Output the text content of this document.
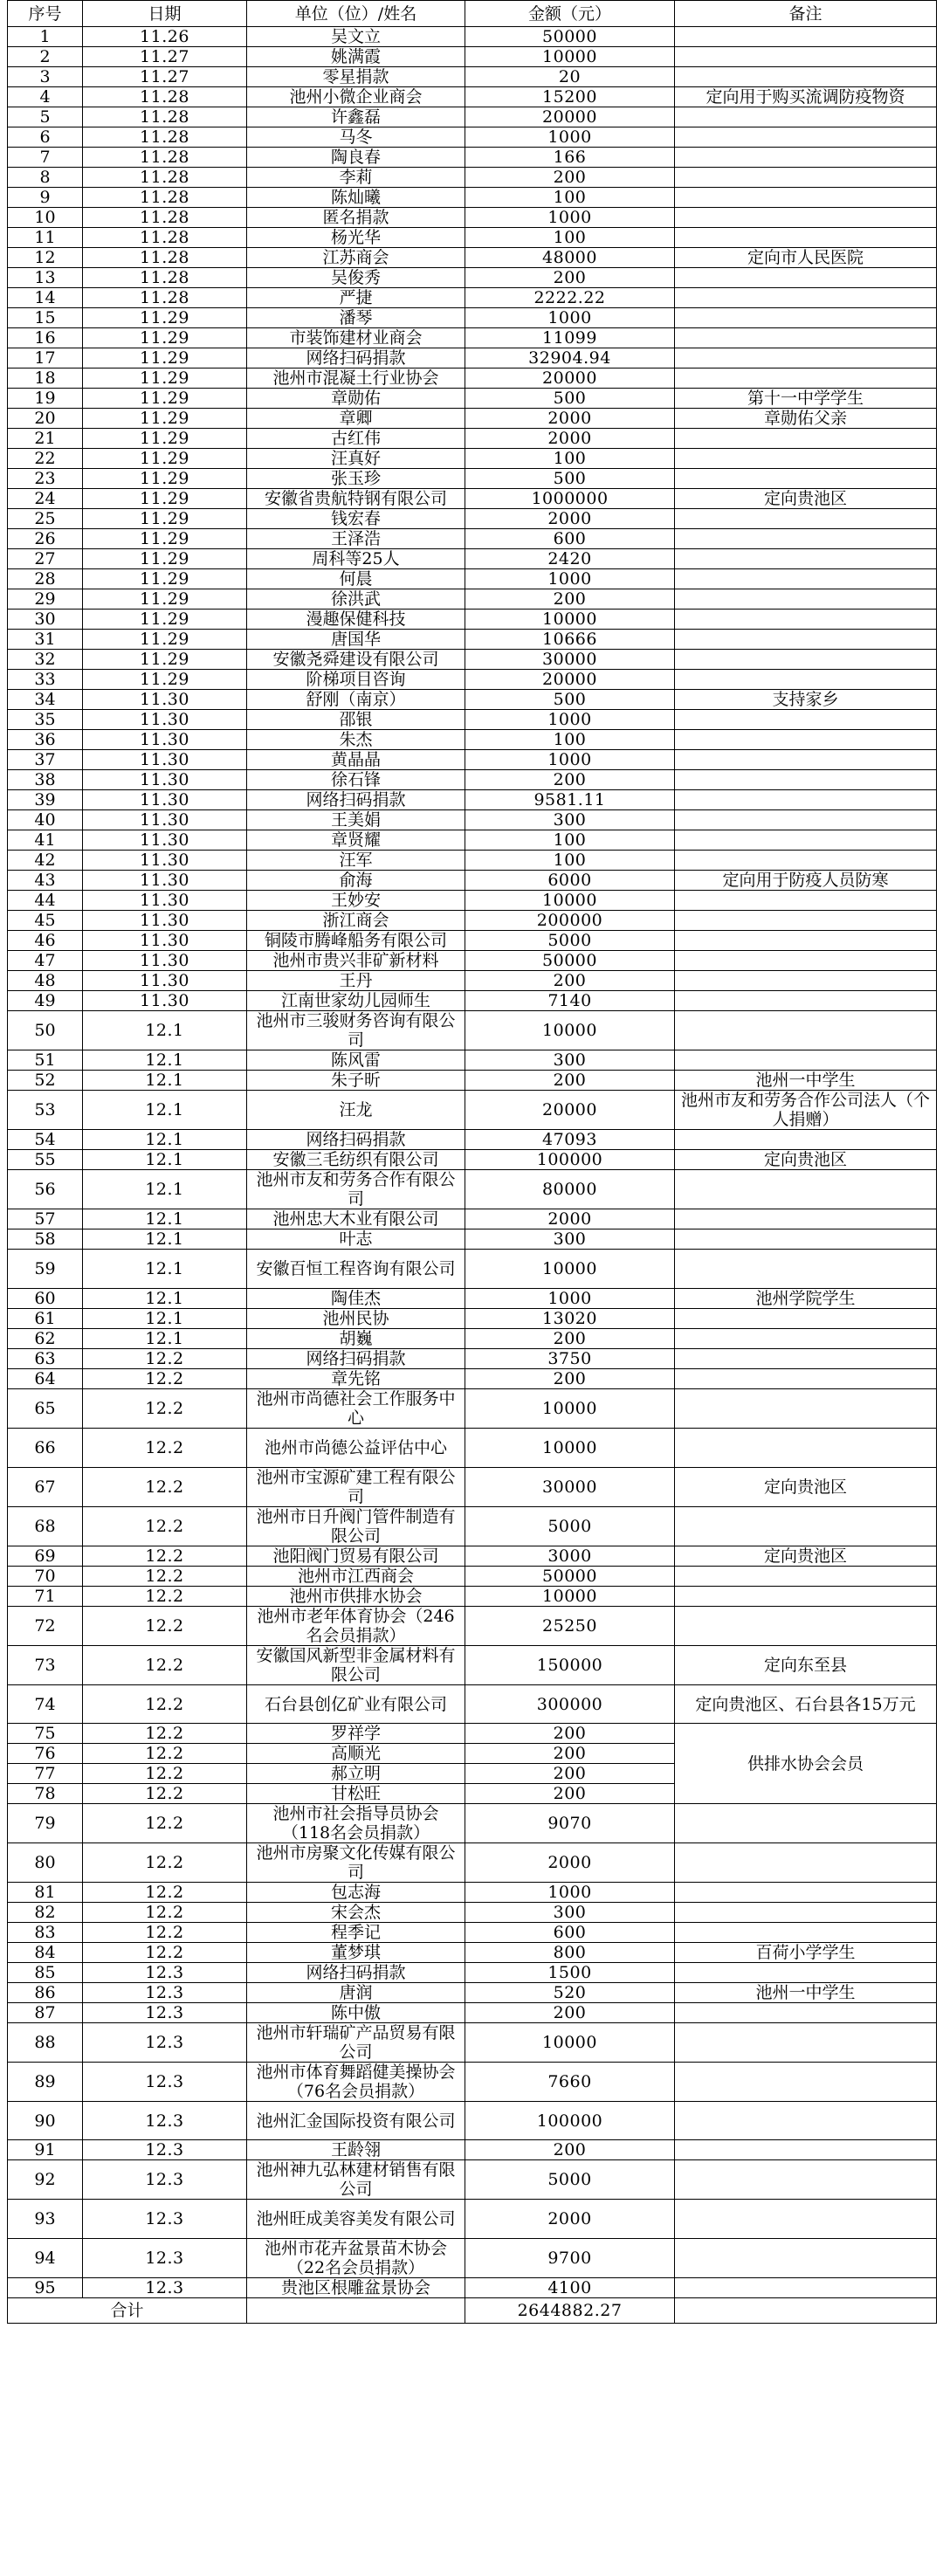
序号	日期	单位（位）/姓名	金额（元）	备注
1	11.26	吴文立	50000	
2	11.27	姚满霞	10000	
3	11.27	零星捐款	20	
4	11.28	池州小微企业商会	15200	定向用于购买流调防疫物资
5	11.28	许鑫磊	20000	
6	11.28	马冬	1000	
7	11.28	陶良春	166	
8	11.28	李莉	200	
9	11.28	陈灿曦	100	
10	11.28	匿名捐款	1000	
11	11.28	杨光华	100	
12	11.28	江苏商会	48000	定向市人民医院
13	11.28	吴俊秀	200	
14	11.28	严捷	2222.22	
15	11.29	潘琴	1000	
16	11.29	市装饰建材业商会	11099	
17	11.29	网络扫码捐款	32904.94	
18	11.29	池州市混凝土行业协会	20000	
19	11.29	章勋佑	500	第十一中学学生
20	11.29	章卿	2000	章勋佑父亲
21	11.29	古红伟	2000	
22	11.29	汪真好	100	
23	11.29	张玉珍	500	
24	11.29	安徽省贵航特钢有限公司	1000000	定向贵池区
25	11.29	钱宏春	2000	
26	11.29	王泽浩	600	
27	11.29	周科等25人	2420	
28	11.29	何晨	1000	
29	11.29	徐洪武	200	
30	11.29	漫趣保健科技	10000	
31	11.29	唐国华	10666	
32	11.29	安徽尧舜建设有限公司	30000	
33	11.29	阶梯项目咨询	20000	
34	11.30	舒刚（南京）	500	支持家乡
35	11.30	邵银	1000	
36	11.30	朱杰	100	
37	11.30	黄晶晶	1000	
38	11.30	徐石锋	200	
39	11.30	网络扫码捐款	9581.11	
40	11.30	王美娟	300	
41	11.30	章贤耀	100	
42	11.30	汪军	100	
43	11.30	俞海	6000	定向用于防疫人员防寒
44	11.30	王妙安	10000	
45	11.30	浙江商会	200000	
46	11.30	铜陵市腾峰船务有限公司	5000	
47	11.30	池州市贵兴非矿新材料	50000	
48	11.30	王丹	200	
49	11.30	江南世家幼儿园师生	7140	
50	12.1	池州市三骏财务咨询有限公司	10000	
51	12.1	陈风雷	300	
52	12.1	朱子昕	200	池州一中学生
53	12.1	汪龙	20000	池州市友和劳务合作公司法人（个人捐赠）
54	12.1	网络扫码捐款	47093	
55	12.1	安徽三毛纺织有限公司	100000	定向贵池区
56	12.1	池州市友和劳务合作有限公司	80000	
57	12.1	池州忠大木业有限公司	2000	
58	12.1	叶志	300	
59	12.1	安徽百恒工程咨询有限公司	10000	
60	12.1	陶佳杰	1000	池州学院学生
61	12.1	池州民协	13020	
62	12.1	胡巍	200	
63	12.2	网络扫码捐款	3750	
64	12.2	章先铭	200	
65	12.2	池州市尚德社会工作服务中心	10000	
66	12.2	池州市尚德公益评估中心	10000	
67	12.2	池州市宝源矿建工程有限公司	30000	定向贵池区
68	12.2	池州市日升阀门管件制造有限公司	5000	
69	12.2	池阳阀门贸易有限公司	3000	定向贵池区
70	12.2	池州市江西商会	50000	
71	12.2	池州市供排水协会	10000	
72	12.2	池州市老年体育协会（246名会员捐款）	25250	
73	12.2	安徽国风新型非金属材料有限公司	150000	定向东至县
74	12.2	石台县创亿矿业有限公司	300000	定向贵池区、石台县各15万元
75	12.2	罗祥学	200	供排水协会会员
76	12.2	高顺光	200	
77	12.2	郝立明	200	
78	12.2	甘松旺	200	
79	12.2	池州市社会指导员协会（118名会员捐款）	9070	
80	12.2	池州市房聚文化传媒有限公司	2000	
81	12.2	包志海	1000	
82	12.2	宋会杰	300	
83	12.2	程季记	600	
84	12.2	董梦琪	800	百荷小学学生
85	12.3	网络扫码捐款	1500	
86	12.3	唐润	520	池州一中学生
87	12.3	陈中傲	200	
88	12.3	池州市轩瑞矿产品贸易有限公司	10000	
89	12.3	池州市体育舞蹈健美操协会（76名会员捐款）	7660	
90	12.3	池州汇金国际投资有限公司	100000	
91	12.3	王龄翎	200	
92	12.3	池州神九弘林建材销售有限公司	5000	
93	12.3	池州旺成美容美发有限公司	2000	
94	12.3	池州市花卉盆景苗木协会（22名会员捐款）	9700	
95	12.3	贵池区根雕盆景协会	4100	
合计			2644882.27	
